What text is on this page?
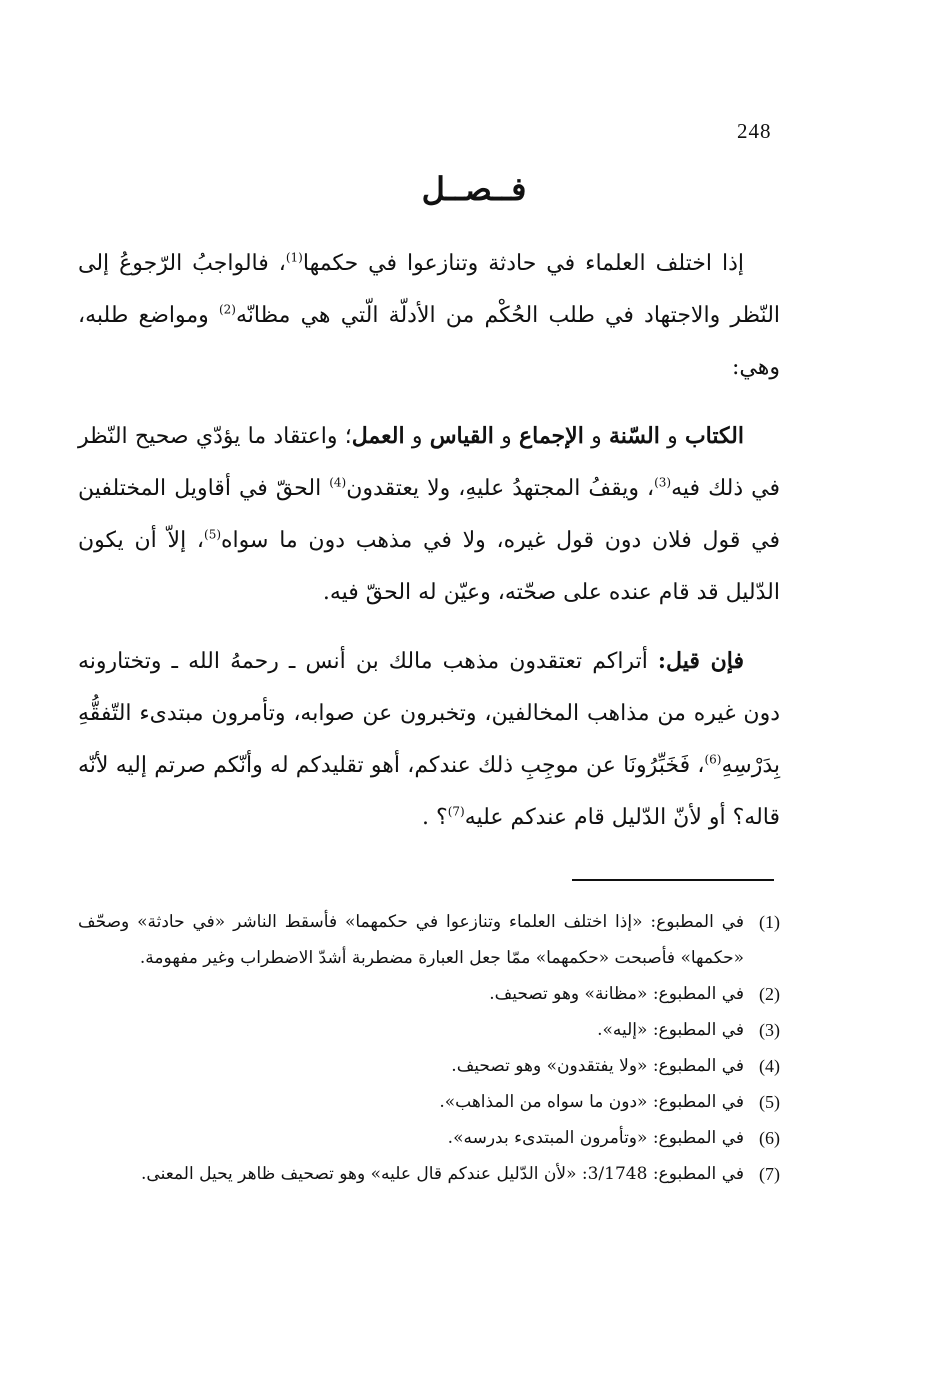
248
فــصــل

إذا اختلف العلماء في حادثة وتنازعوا في حكمها$^{(1)}$، فالواجبُ الرّجوعُ إلى النّظر والاجتهاد في طلب الحُكْم من الأدلّة الّتي هي مظانّه$^{(2)}$ ومواضع طلبه، وهي:

الكتاب و السّنة و الإجماع و القياس و العمل؛ واعتقاد ما يؤدّي صحيح النّظر في ذلك فيه$^{(3)}$، ويقفُ المجتهدُ عليهِ، ولا يعتقدون$^{(4)}$ الحقّ في أقاويل المختلفين في قول فلان دون قول غيره، ولا في مذهب دون ما سواه$^{(5)}$، إلاّ أن يكون الدّليل قد قام عنده على صحّته، وعيّن له الحقّ فيه.

فإن قيل: أتراكم تعتقدون مذهب مالك بن أنس ـ رحمهُ الله ـ وتختارونه دون غيره من مذاهب المخالفين، وتخبرون عن صوابه، وتأمرون مبتدىء التّفقُّهِ بِدَرْسِهِ$^{(6)}$، فَخَبِّرُونَا عن موجِبِ ذلك عندكم، أهو تقليدكم له وأنّكم صرتم إليه لأنّه قاله؟ أو لأنّ الدّليل قام عندكم عليه$^{(7)}$؟ .

(1)
في المطبوع: «إذا اختلف العلماء وتنازعوا في حكمهما» فأسقط الناشر «في حادثة» وصحّف «حكمها» فأصبحت «حكمهما» ممّا جعل العبارة مضطربة أشدّ الاضطراب وغير مفهومة.
(2)
في المطبوع: «مظانة» وهو تصحيف.
(3)
في المطبوع: «إليه».
(4)
في المطبوع: «ولا يفتقدون» وهو تصحيف.
(5)
في المطبوع: «دون ما سواه من المذاهب».
(6)
في المطبوع: «وتأمرون المبتدىء بدرسه».
(7)
في المطبوع: 3/1748: «لأن الدّليل عندكم قال عليه» وهو تصحيف ظاهر يحيل المعنى.
